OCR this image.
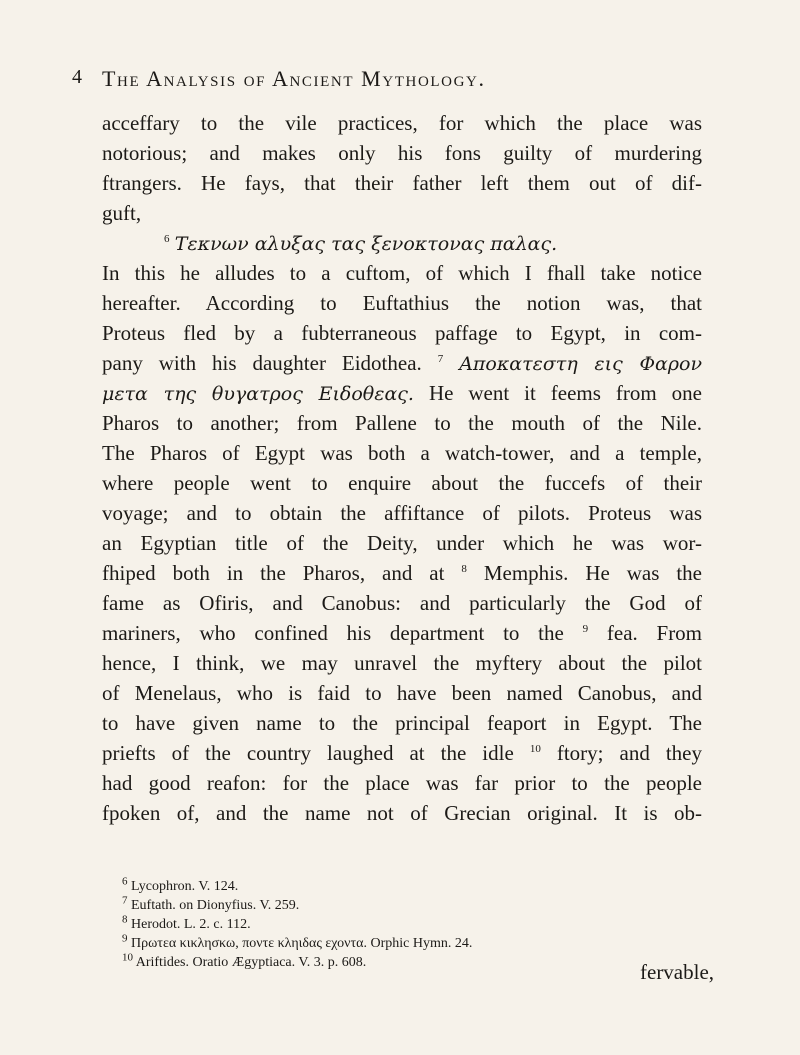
4 The Analysis of Ancient Mythology.
acceffary to the vile practices, for which the place was
notorious; and makes only his fons guilty of murdering
ftrangers. He fays, that their father left them out of dif-
guft,
$^6$ Τεκνων αλυξας τας ξενοκτονας παλας.
In this he alludes to a cuftom, of which I fhall take notice
hereafter. According to Euftathius the notion was, that
Proteus fled by a fubterraneous paffage to Egypt, in com-
pany with his daughter Eidothea. $^7$ Αποκατεστη εις Φαρον
μετα της θυγατρος Ειδοθεας. He went it feems from one
Pharos to another; from Pallene to the mouth of the Nile.
The Pharos of Egypt was both a watch-tower, and a temple,
where people went to enquire about the fuccefs of their
voyage; and to obtain the affiftance of pilots. Proteus was
an Egyptian title of the Deity, under which he was wor-
fhiped both in the Pharos, and at $^8$ Memphis. He was the
fame as Ofiris, and Canobus: and particularly the God of
mariners, who confined his department to the $^9$ fea. From
hence, I think, we may unravel the myftery about the pilot
of Menelaus, who is faid to have been named Canobus, and
to have given name to the principal feaport in Egypt. The
priefts of the country laughed at the idle $^{10}$ ftory; and they
had good reafon: for the place was far prior to the people
fpoken of, and the name not of Grecian original. It is ob-
$^6$ Lycophron. V. 124.
$^7$ Euftath. on Dionyfius. V. 259.
$^8$ Herodot. L. 2. c. 112.
$^9$ Πρωτεα κικλησκω, ποντε κληιδας εχοντα. Orphic Hymn. 24.
$^{10}$ Ariftides. Oratio Ægyptiaca. V. 3. p. 608.	fervable,
